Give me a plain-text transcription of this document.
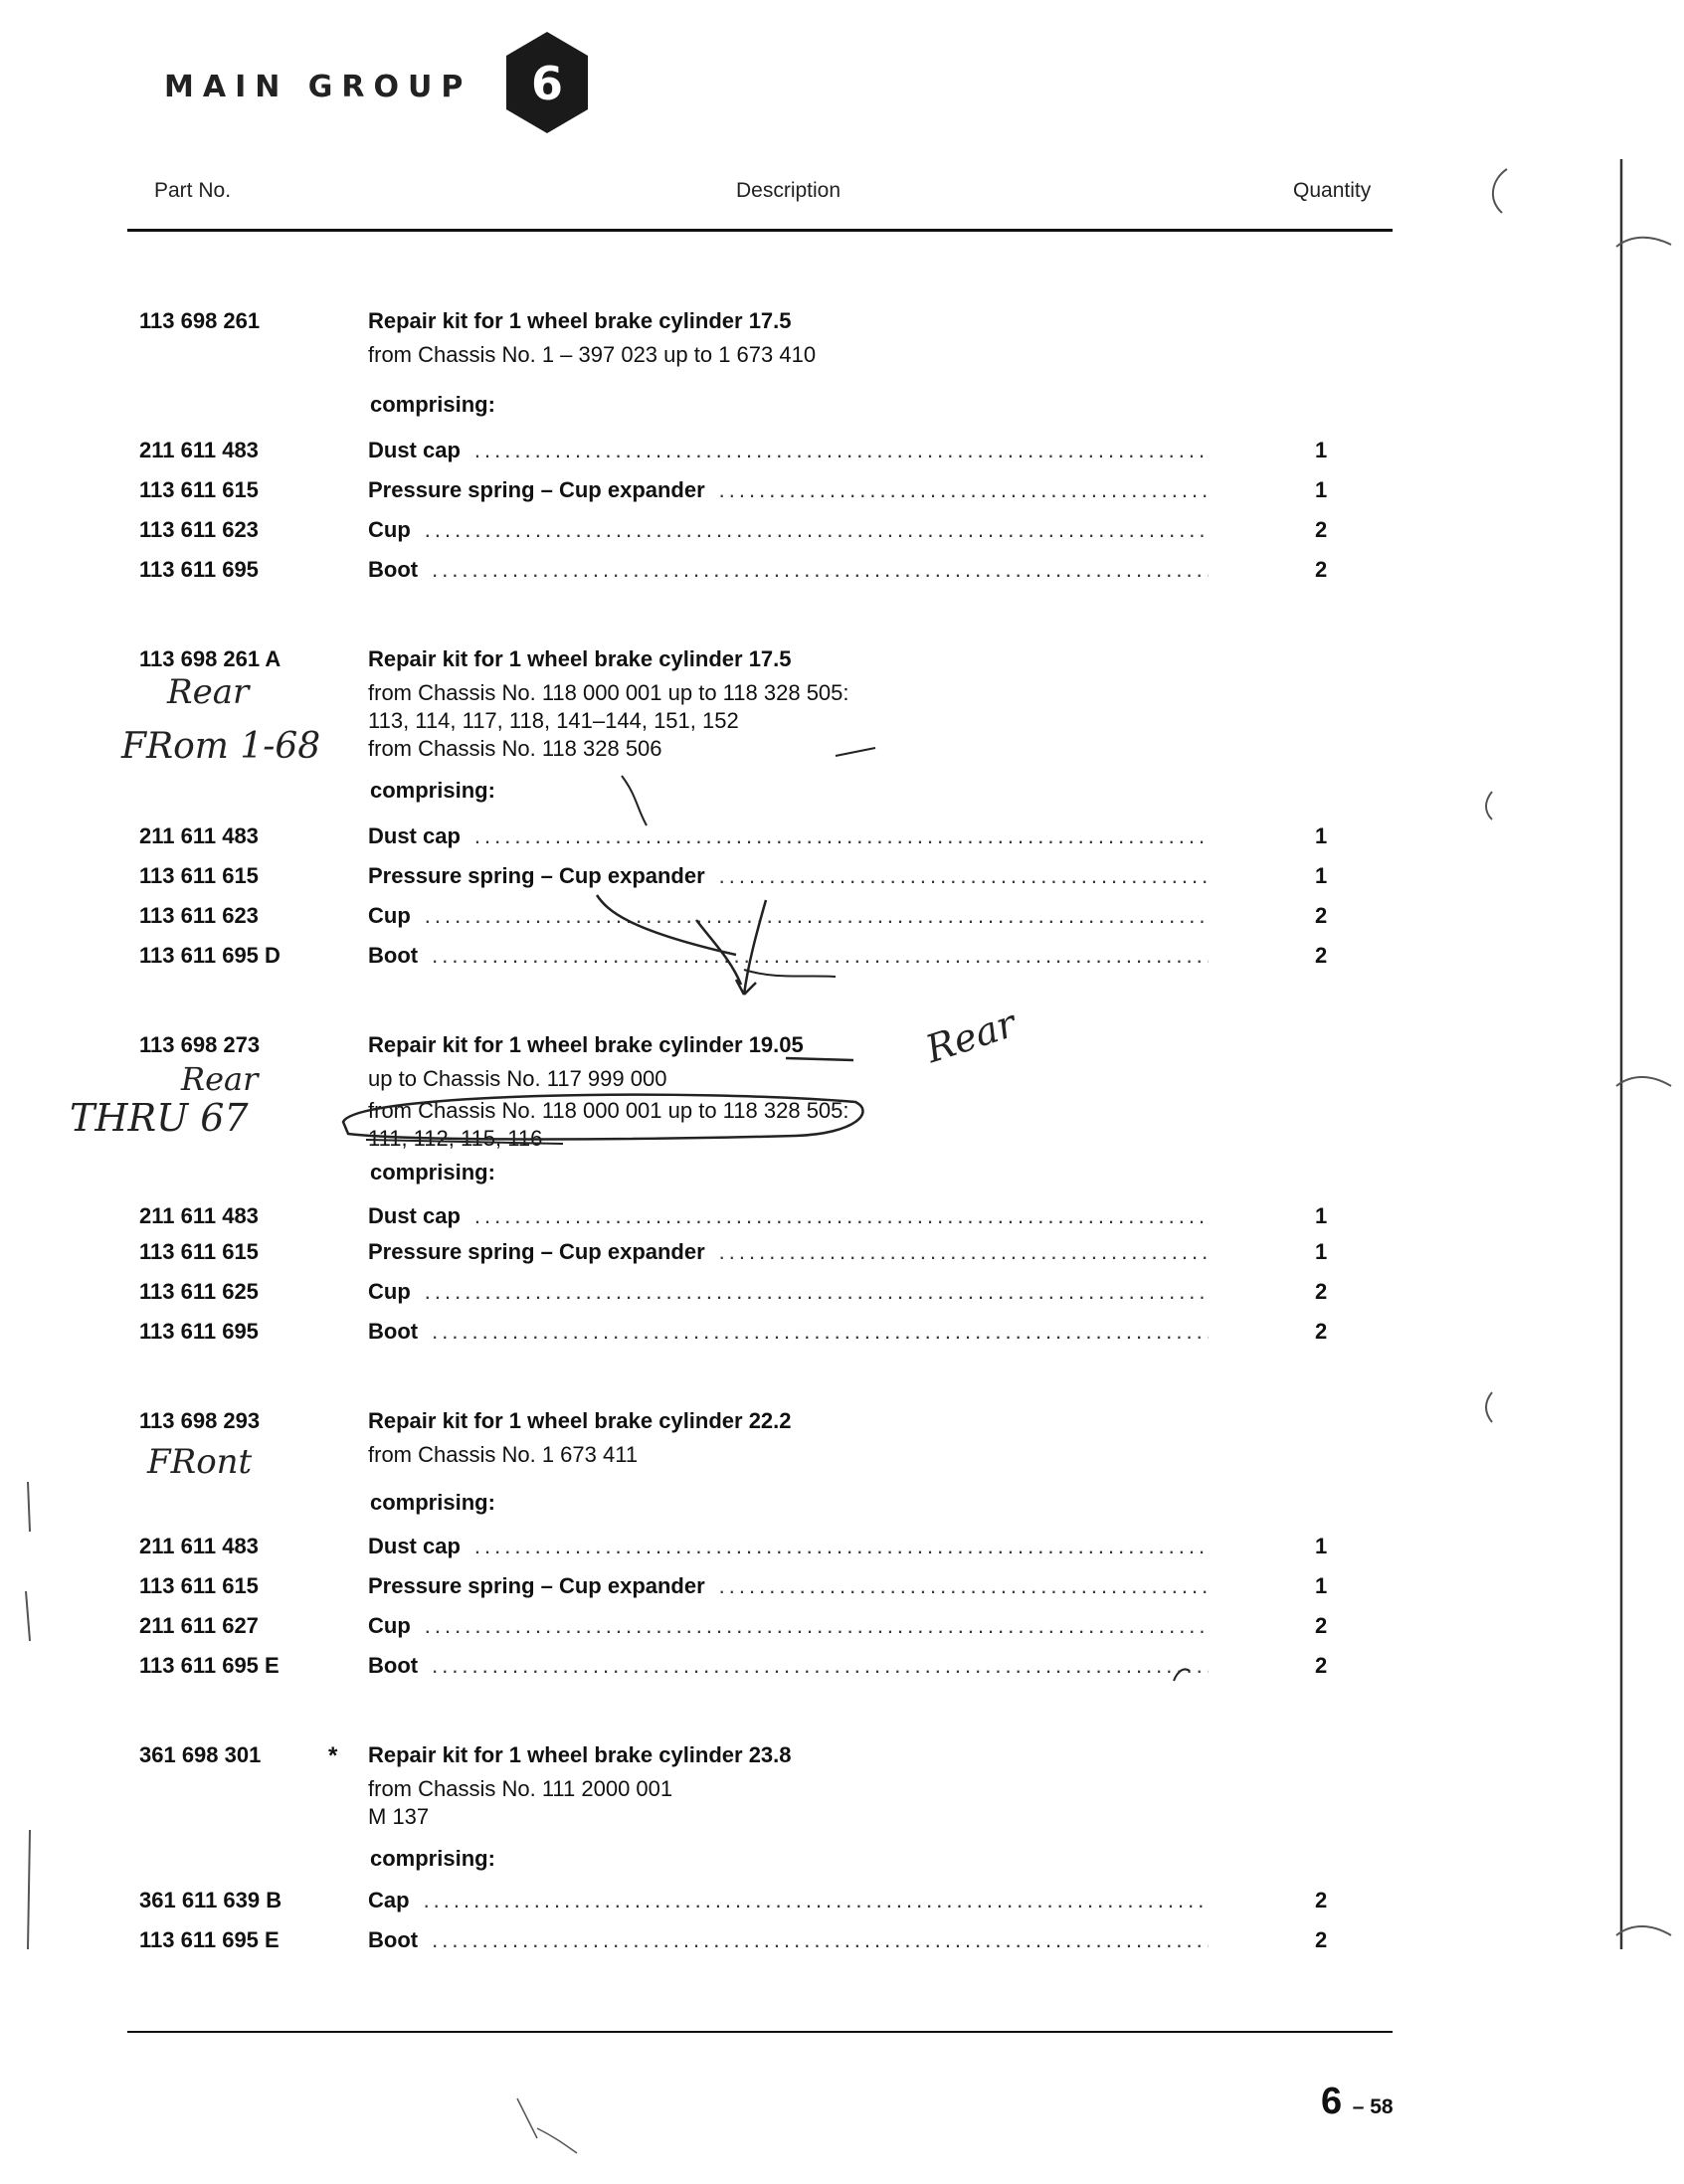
MAIN GROUP 6
Part No.	Description	Quantity
113 698 261	Repair kit for 1 wheel brake cylinder 17.5
from Chassis No. 1 – 397 023 up to 1 673 410
comprising:
211 611 483	Dust cap .....	1
113 611 615	Pressure spring – Cup expander .....	1
113 611 623	Cup .....	2
113 611 695	Boot .....	2
113 698 261 A	Repair kit for 1 wheel brake cylinder 17.5
from Chassis No. 118 000 001 up to 118 328 505:
113, 114, 117, 118, 141–144, 151, 152
from Chassis No. 118 328 506
comprising:
211 611 483	Dust cap .....	1
113 611 615	Pressure spring – Cup expander .....	1
113 611 623	Cup .....	2
113 611 695 D	Boot .....	2
113 698 273	Repair kit for 1 wheel brake cylinder 19.05
up to Chassis No. 117 999 000
from Chassis No. 118 000 001 up to 118 328 505:
111, 112, 115, 116
comprising:
211 611 483	Dust cap .....	1
113 611 615	Pressure spring – Cup expander .....	1
113 611 625	Cup .....	2
113 611 695	Boot .....	2
113 698 293	Repair kit for 1 wheel brake cylinder 22.2
from Chassis No. 1 673 411
comprising:
211 611 483	Dust cap .....	1
113 611 615	Pressure spring – Cup expander .....	1
211 611 627	Cup .....	2
113 611 695 E	Boot .....	2
361 698 301	* Repair kit for 1 wheel brake cylinder 23.8
from Chassis No. 111 2000 001
M 137
comprising:
361 611 639 B	Cap .....	2
113 611 695 E	Boot .....	2
Rear
FRom 1-68
Rear
THRU 67
Rear
FRont
6 – 58
